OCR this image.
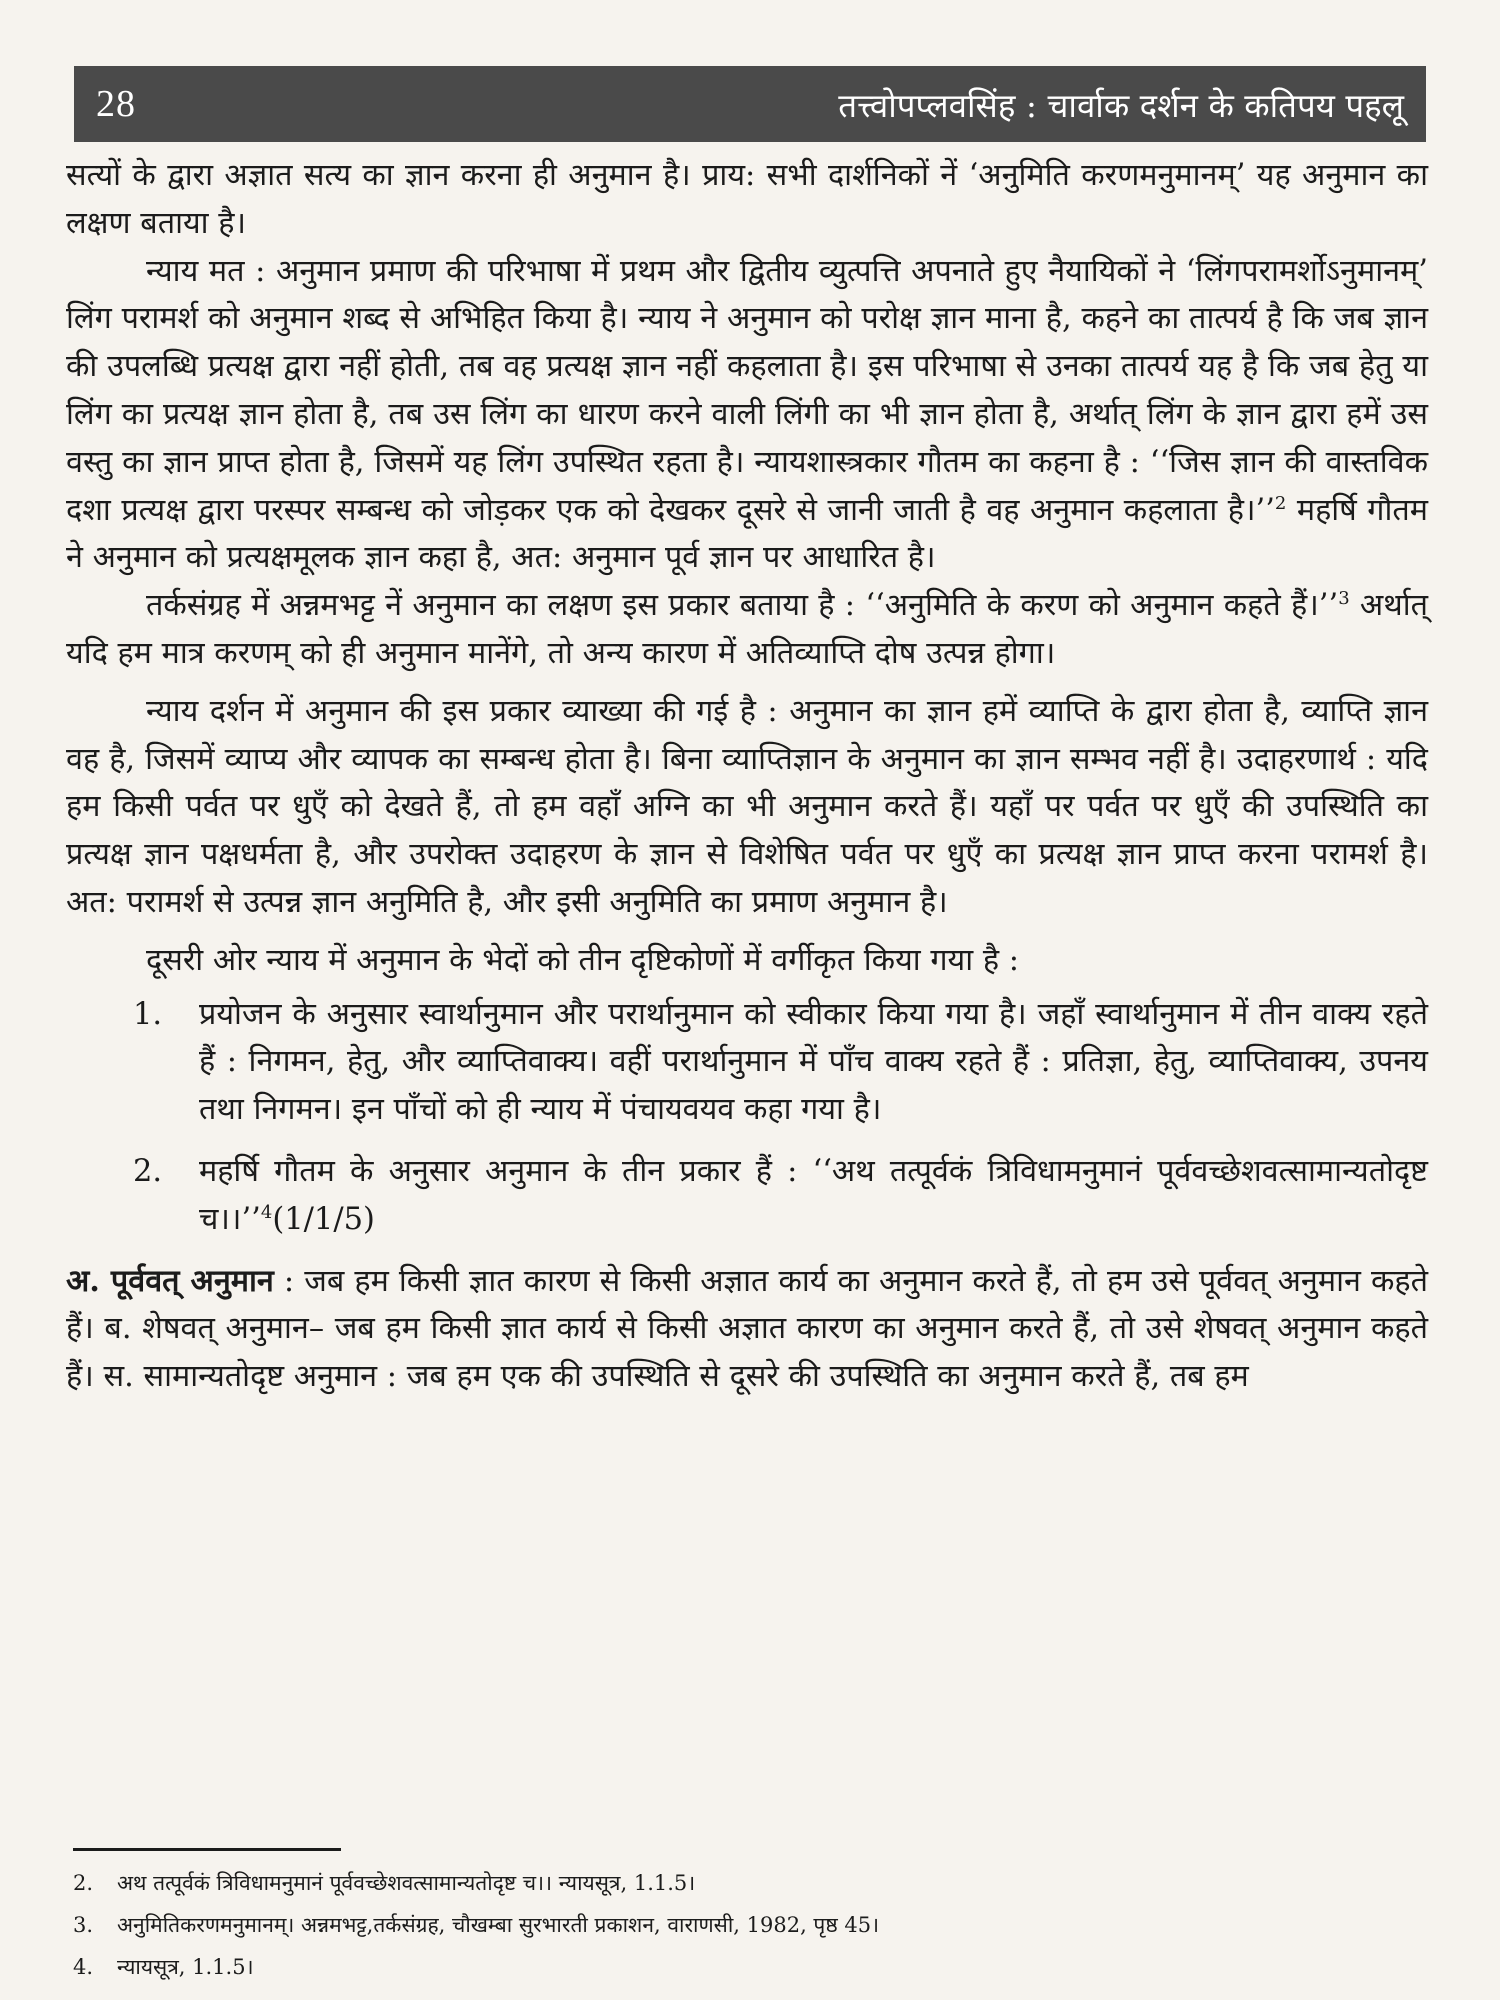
28	तत्त्वोपप्लवसिंह : चार्वाक दर्शन के कतिपय पहलू

सत्यों के द्वारा अज्ञात सत्य का ज्ञान करना ही अनुमान है। प्राय: सभी दार्शनिकों नें ‘अनुमिति करणमनुमानम्’ यह अनुमान का लक्षण बताया है।

न्याय मत : अनुमान प्रमाण की परिभाषा में प्रथम और द्वितीय व्युत्पत्ति अपनाते हुए नैयायिकों ने ‘लिंगपरामर्शोऽनुमानम्’ लिंग परामर्श को अनुमान शब्द से अभिहित किया है। न्याय ने अनुमान को परोक्ष ज्ञान माना है, कहने का तात्पर्य है कि जब ज्ञान की उपलब्धि प्रत्यक्ष द्वारा नहीं होती, तब वह प्रत्यक्ष ज्ञान नहीं कहलाता है। इस परिभाषा से उनका तात्पर्य यह है कि जब हेतु या लिंग का प्रत्यक्ष ज्ञान होता है, तब उस लिंग का धारण करने वाली लिंगी का भी ज्ञान होता है, अर्थात् लिंग के ज्ञान द्वारा हमें उस वस्तु का ज्ञान प्राप्त होता है, जिसमें यह लिंग उपस्थित रहता है। न्यायशास्त्रकार गौतम का कहना है : ‘‘जिस ज्ञान की वास्तविक दशा प्रत्यक्ष द्वारा परस्पर सम्बन्ध को जोड़कर एक को देखकर दूसरे से जानी जाती है वह अनुमान कहलाता है।’’$^2$ महर्षि गौतम ने अनुमान को प्रत्यक्षमूलक ज्ञान कहा है, अत: अनुमान पूर्व ज्ञान पर आधारित है।

तर्कसंग्रह में अन्नमभट्ट नें अनुमान का लक्षण इस प्रकार बताया है : ‘‘अनुमिति के करण को अनुमान कहते हैं।’’$^3$ अर्थात् यदि हम मात्र करणम् को ही अनुमान मानेंगे, तो अन्य कारण में अतिव्याप्ति दोष उत्पन्न होगा।

न्याय दर्शन में अनुमान की इस प्रकार व्याख्या की गई है : अनुमान का ज्ञान हमें व्याप्ति के द्वारा होता है, व्याप्ति ज्ञान वह है, जिसमें व्याप्य और व्यापक का सम्बन्ध होता है। बिना व्याप्तिज्ञान के अनुमान का ज्ञान सम्भव नहीं है। उदाहरणार्थ : यदि हम किसी पर्वत पर धुएँ को देखते हैं, तो हम वहाँ अग्नि का भी अनुमान करते हैं। यहाँ पर पर्वत पर धुएँ की उपस्थिति का प्रत्यक्ष ज्ञान पक्षधर्मता है, और उपरोक्त उदाहरण के ज्ञान से विशेषित पर्वत पर धुएँ का प्रत्यक्ष ज्ञान प्राप्त करना परामर्श है। अत: परामर्श से उत्पन्न ज्ञान अनुमिति है, और इसी अनुमिति का प्रमाण अनुमान है।

दूसरी ओर न्याय में अनुमान के भेदों को तीन दृष्टिकोणों में वर्गीकृत किया गया है :

1.	प्रयोजन के अनुसार स्वार्थानुमान और परार्थानुमान को स्वीकार किया गया है। जहाँ स्वार्थानुमान में तीन वाक्य रहते हैं : निगमन, हेतु, और व्याप्तिवाक्य। वहीं परार्थानुमान में पाँच वाक्य रहते हैं : प्रतिज्ञा, हेतु, व्याप्तिवाक्य, उपनय तथा निगमन। इन पाँचों को ही न्याय में पंचायवयव कहा गया है।
2.	महर्षि गौतम के अनुसार अनुमान के तीन प्रकार हैं : ‘‘अथ तत्पूर्वकं त्रिविधामनुमानं पूर्ववच्छेशवत्सामान्यतोदृष्ट च।।’’$^4$(1/1/5)

अ. पूर्ववत् अनुमान : जब हम किसी ज्ञात कारण से किसी अज्ञात कार्य का अनुमान करते हैं, तो हम उसे पूर्ववत् अनुमान कहते हैं। ब. शेषवत् अनुमान– जब हम किसी ज्ञात कार्य से किसी अज्ञात कारण का अनुमान करते हैं, तो उसे शेषवत् अनुमान कहते हैं। स. सामान्यतोदृष्ट अनुमान : जब हम एक की उपस्थिति से दूसरे की उपस्थिति का अनुमान करते हैं, तब हम

2.	अथ तत्पूर्वकं त्रिविधामनुमानं पूर्ववच्छेशवत्सामान्यतोदृष्ट च।। न्यायसूत्र, 1.1.5।
3.	अनुमितिकरणमनुमानम्। अन्नमभट्ट,तर्कसंग्रह, चौखम्बा सुरभारती प्रकाशन, वाराणसी, 1982, पृष्ठ 45।
4.	न्यायसूत्र, 1.1.5।
